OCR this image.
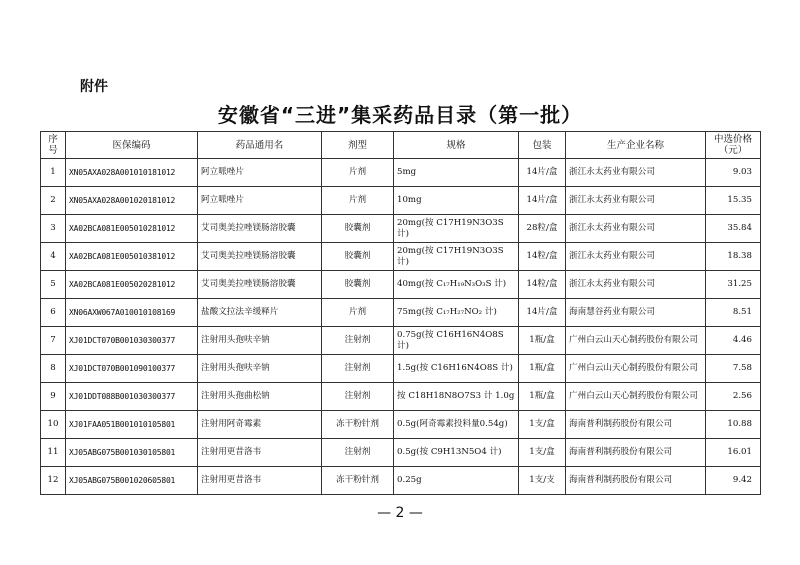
附件
安徽省“三进”集采药品目录（第一批）
序号	医保编码	药品通用名	剂型	规格	包装	生产企业名称	中选价格（元）
1	XN05AXA028A001010181012	阿立哌唑片	片剂	5mg	14片/盒	浙江永太药业有限公司	9.03
2	XN05AXA028A001020181012	阿立哌唑片	片剂	10mg	14片/盒	浙江永太药业有限公司	15.35
3	XA02BCA081E005010281012	艾司奥美拉唑镁肠溶胶囊	胶囊剂	20mg(按 C17H19N3O3S 计)	28粒/盒	浙江永太药业有限公司	35.84
4	XA02BCA081E005010381012	艾司奥美拉唑镁肠溶胶囊	胶囊剂	20mg(按 C17H19N3O3S 计)	14粒/盒	浙江永太药业有限公司	18.38
5	XA02BCA081E005020281012	艾司奥美拉唑镁肠溶胶囊	胶囊剂	40mg(按 C₁₇H₁₉N₃O₃S 计)	14粒/盒	浙江永太药业有限公司	31.25
6	XN06AXW067A010010108169	盐酸文拉法辛缓释片	片剂	75mg(按 C₁₇H₂₇NO₂ 计)	14片/盒	海南慧谷药业有限公司	8.51
7	XJ01DCT070B001030300377	注射用头孢呋辛钠	注射剂	0.75g(按 C16H16N4O8S 计)	1瓶/盒	广州白云山天心制药股份有限公司	4.46
8	XJ01DCT070B001090100377	注射用头孢呋辛钠	注射剂	1.5g(按 C16H16N4O8S 计)	1瓶/盒	广州白云山天心制药股份有限公司	7.58
9	XJ01DDT088B001030300377	注射用头孢曲松钠	注射剂	按 C18H18N8O7S3 计 1.0g	1瓶/盒	广州白云山天心制药股份有限公司	2.56
10	XJ01FAA051B001010105801	注射用阿奇霉素	冻干粉针剂	0.5g(阿奇霉素投料量0.54g)	1支/盒	海南普利制药股份有限公司	10.88
11	XJ05ABG075B001030105801	注射用更昔洛韦	注射剂	0.5g(按 C9H13N5O4 计)	1支/盒	海南普利制药股份有限公司	16.01
12	XJ05ABG075B001020605801	注射用更昔洛韦	冻干粉针剂	0.25g	1支/支	海南普利制药股份有限公司	9.42
— 2 —
